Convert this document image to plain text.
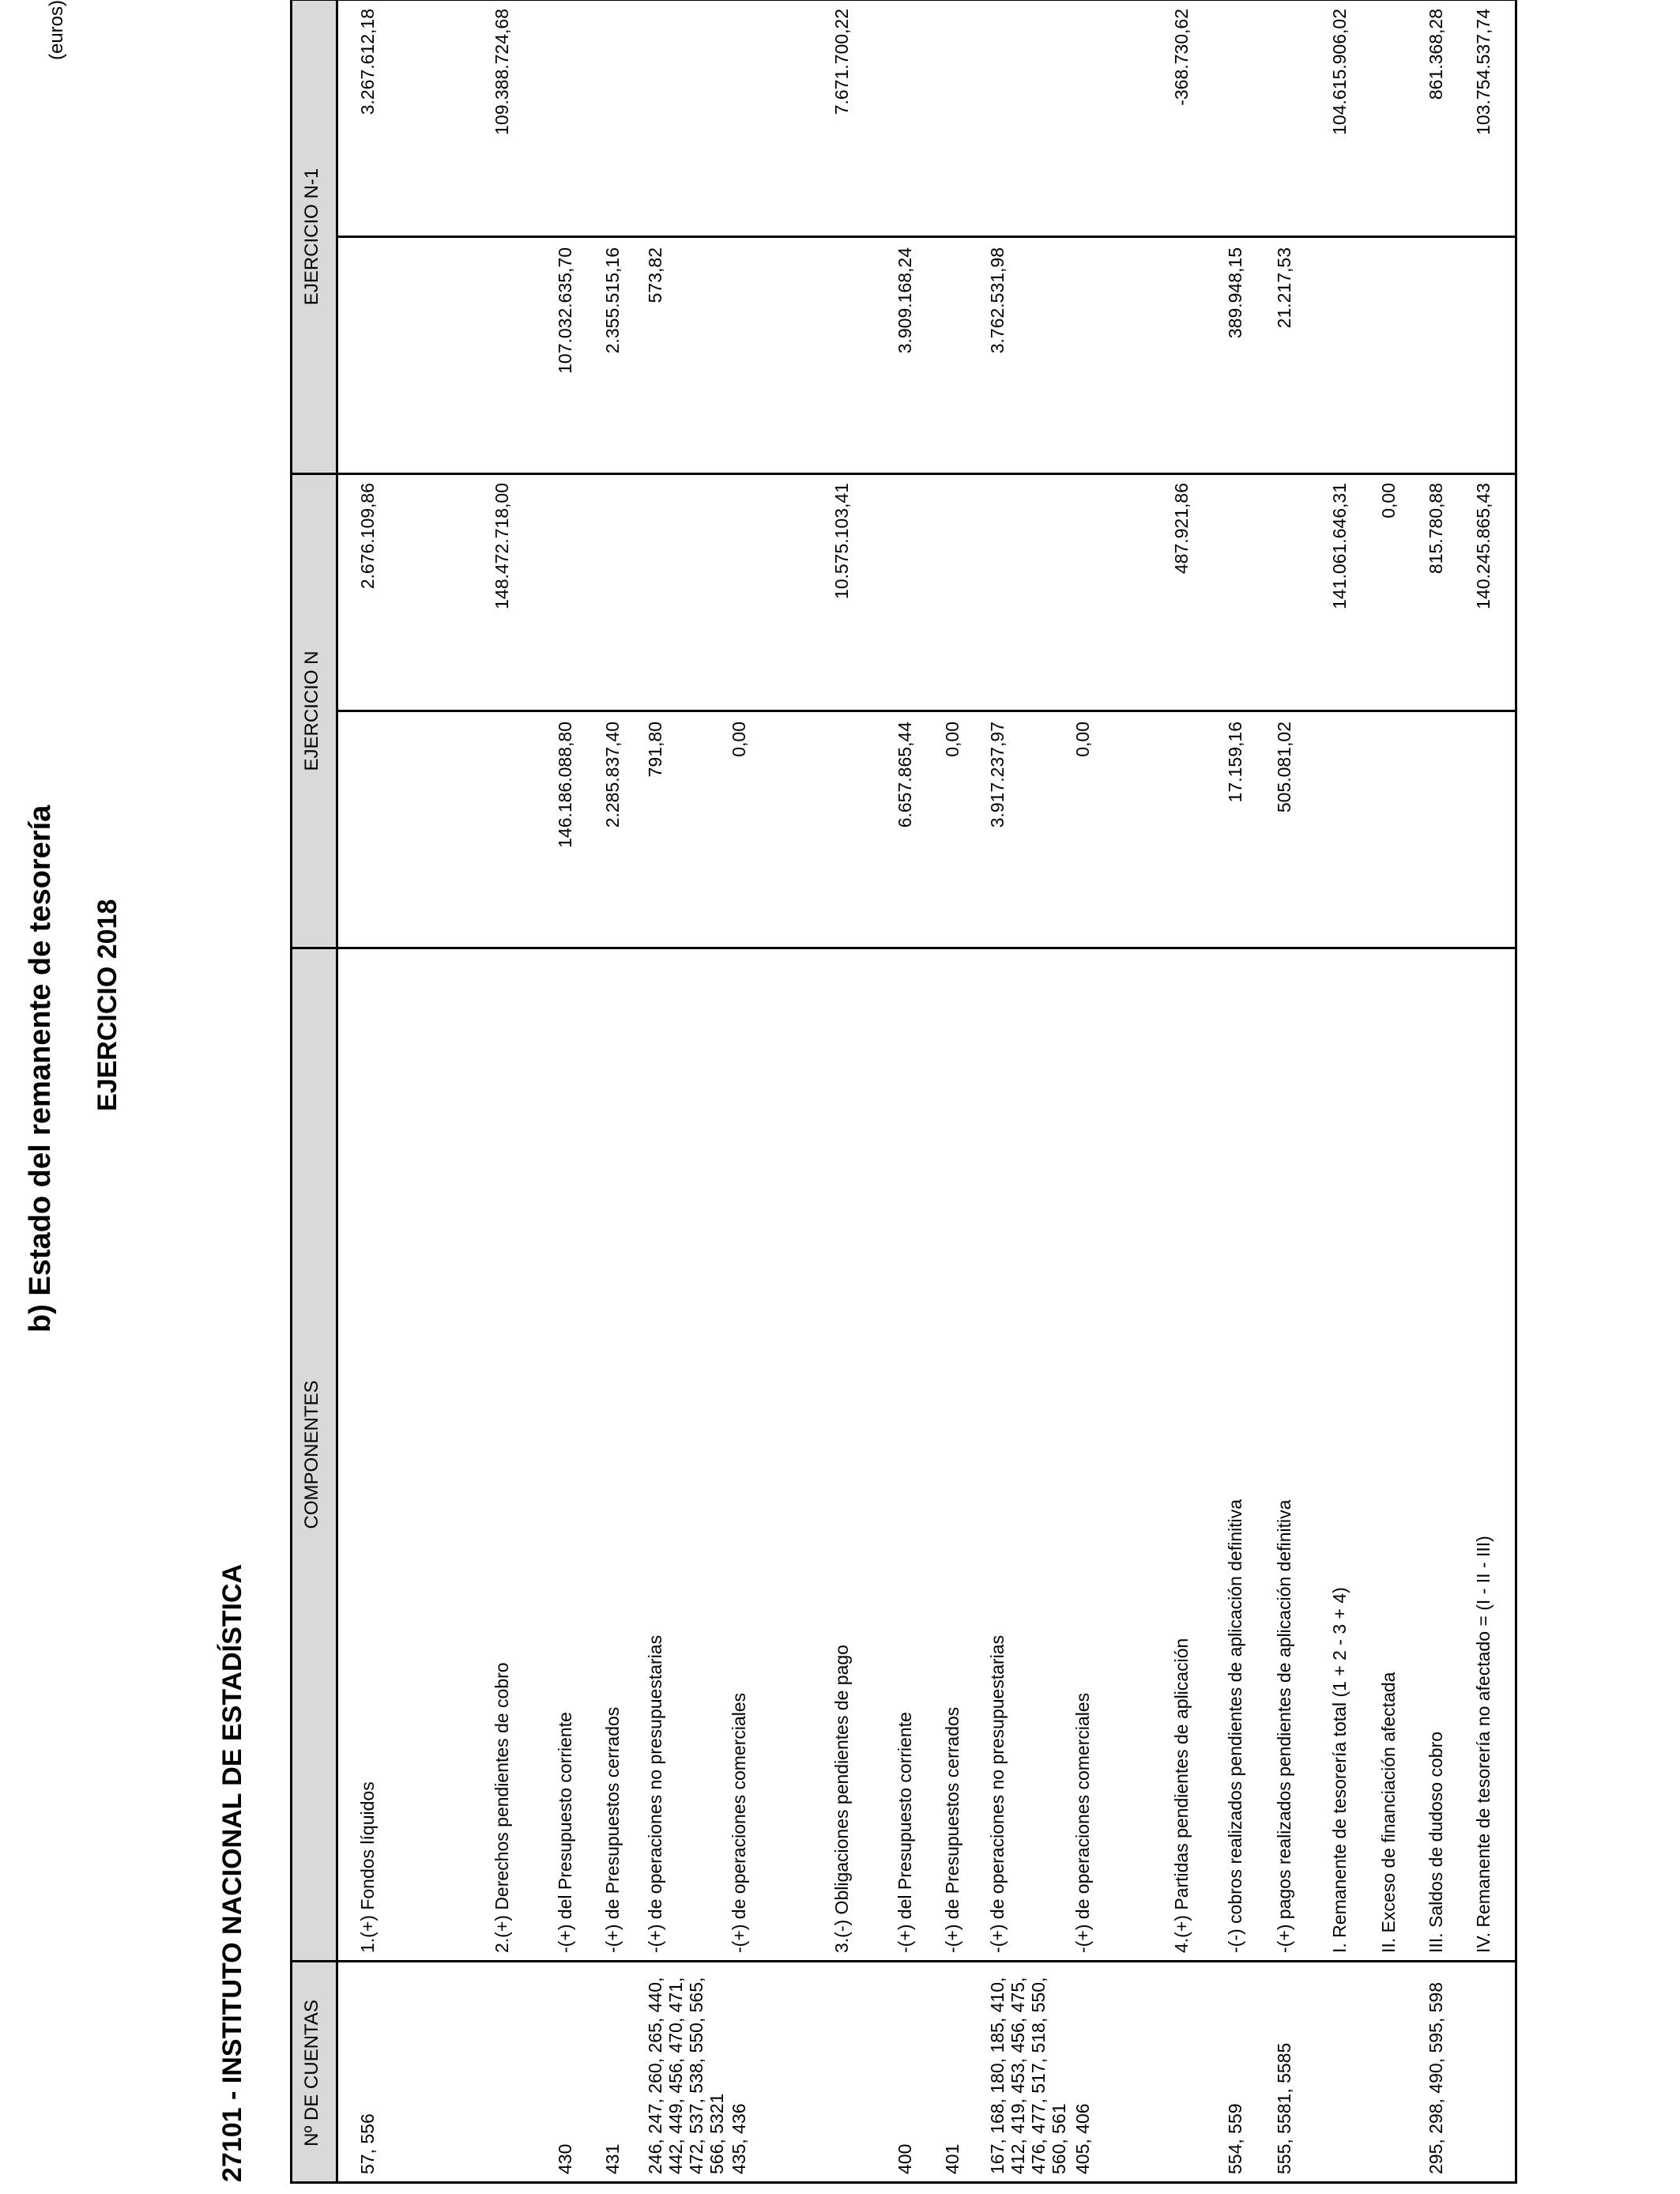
b) Estado del remanente de tesorería EJERCICIO 2018
27101 - INSTITUTO NACIONAL DE ESTADÍSTICA
(euros)
Nº DE CUENTAS
COMPONENTES
EJERCICIO N
EJERCICIO N-1
57, 556
1.(+) Fondos líquidos
2.676.109,86
3.267.612,18
2.(+) Derechos pendientes de cobro
148.472.718,00
109.388.724,68
430
-(+) del Presupuesto corriente
146.186.088,80
107.032.635,70
431
-(+) de Presupuestos cerrados
2.285.837,40
2.355.515,16
246, 247, 260, 265, 440, 442, 449, 456, 470, 471, 472, 537, 538, 550, 565, 566, 5321
-(+) de operaciones no presupuestarias
791,80
573,82
435, 436
-(+) de operaciones comerciales
0,00
3.(-) Obligaciones pendientes de pago
10.575.103,41
7.671.700,22
400
-(+) del Presupuesto corriente
6.657.865,44
3.909.168,24
401
-(+) de Presupuestos cerrados
0,00
167, 168, 180, 185, 410, 412, 419, 453, 456, 475, 476, 477, 517, 518, 550, 560, 561
-(+) de operaciones no presupuestarias
3.917.237,97
3.762.531,98
405, 406
-(+) de operaciones comerciales
0,00
4.(+) Partidas pendientes de aplicación
487.921,86
-368.730,62
554, 559
-(-) cobros realizados pendientes de aplicación definitiva
17.159,16
389.948,15
555, 5581, 5585
-(+) pagos realizados pendientes de aplicación definitiva
505.081,02
21.217,53
I. Remanente de tesorería total (1 + 2 - 3 + 4)
141.061.646,31
104.615.906,02
II. Exceso de financiación afectada
0,00
295, 298, 490, 595, 598
III. Saldos de dudoso cobro
815.780,88
861.368,28
IV. Remanente de tesorería no afectado = (I - II - III)
140.245.865,43
103.754.537,74
